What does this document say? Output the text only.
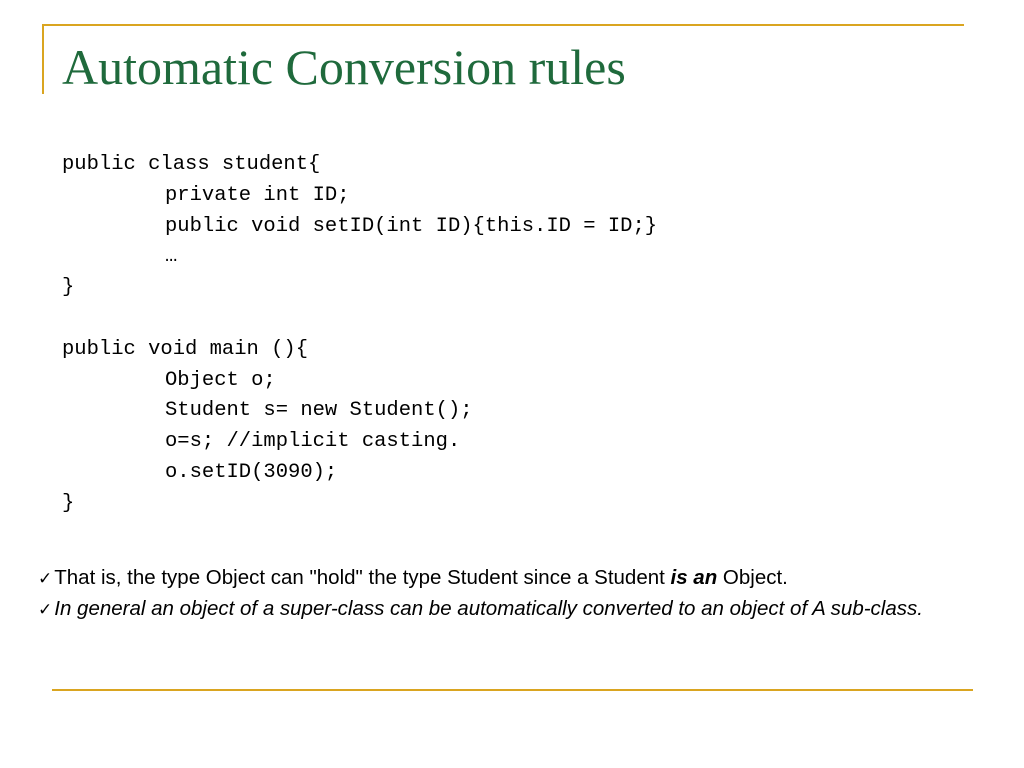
Automatic Conversion rules
public class student{
private int ID;
public void setID(int ID){this.ID = ID;}
…
}
public void main (){
Object o;
Student s= new Student();
o=s; //implicit casting.
o.setID(3090);
}

✓That is, the type Object can "hold" the type Student since a Student is an Object.

✓In general an object of a super-class can be automatically converted to an object of A sub-class.
